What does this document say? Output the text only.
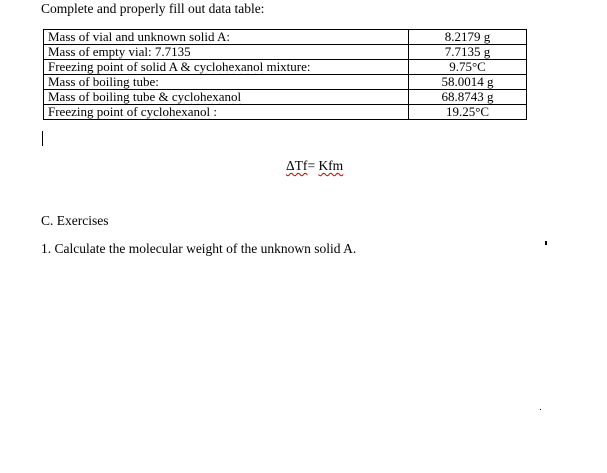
Complete and properly fill out data table:
Mass of vial and unknown solid A:	8.2179 g
Mass of empty vial: 7.7135	7.7135 g
Freezing point of solid A & cyclohexanol mixture:	9.75°C
Mass of boiling tube:	58.0014 g
Mass of boiling tube & cyclohexanol	68.8743 g
Freezing point of cyclohexanol :	19.25°C
ΔTf= Kfm
C. Exercises
1. Calculate the molecular weight of the unknown solid A.
